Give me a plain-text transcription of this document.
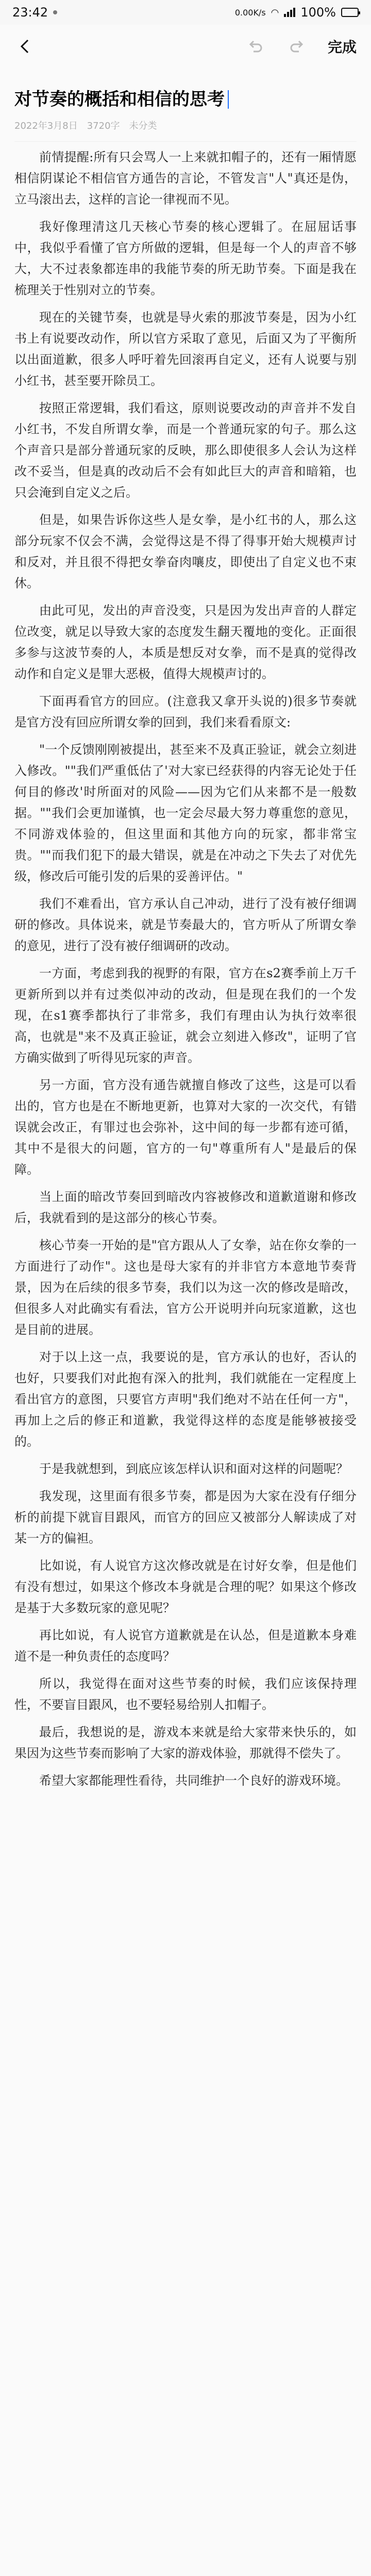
23:42	0.00K/s ◠ 100%
完成
对节奏的概括和相信的思考
2022年3月8日 3720字 未分类

前情提醒:所有只会骂人一上来就扣帽子的，还有一厢情愿相信阴谋论不相信官方通告的言论，不管发言"人"真还是伪，立马滚出去，这样的言论一律视而不见。

我好像理清这几天核心节奏的核心逻辑了。在屈屈话事中，我似乎看懂了官方所做的逻辑，但是每一个人的声音不够大，大不过表象都连串的我能节奏的所无助节奏。下面是我在梳理关于性别对立的节奏。

现在的关键节奏，也就是导火索的那波节奏是，因为小红书上有说要改动作，所以官方采取了意见，后面又为了平衡所以出面道歉，很多人呼吁着先回滚再自定义，还有人说要与别小红书，甚至要开除员工。

按照正常逻辑，我们看这，原则说要改动的声音并不发自小红书，不发自所谓女拳，而是一个普通玩家的句子。那么这个声音只是部分普通玩家的反映，那么即使很多人会认为这样改不妥当，但是真的改动后不会有如此巨大的声音和暗箱，也只会淹到自定义之后。

但是，如果告诉你这些人是女拳，是小红书的人，那么这部分玩家不仅会不满，会觉得这是不得了得事开始大规模声讨和反对，并且很不得把女拳奋肉嚷皮，即使出了自定义也不束休。

由此可见，发出的声音没变，只是因为发出声音的人群定位改变，就足以导致大家的态度发生翻天覆地的变化。正面很多参与这波节奏的人，本质是想反对女拳，而不是真的觉得改动作和自定义是罪大恶极，值得大规模声讨的。

下面再看官方的回应。(注意我又拿开头说的)很多节奏就是官方没有回应所谓女拳的回到，我们来看看原文:

"一个反馈刚刚被提出，甚至来不及真正验证，就会立刻进入修改。""我们严重低估了'对大家已经获得的内容无论处于任何目的修改'时所面对的风险——因为它们从来都不是一般数据。""我们会更加谨慎，也一定会尽最大努力尊重您的意见，不同游戏体验的，但这里面和其他方向的玩家，都非常宝贵。""而我们犯下的最大错误，就是在冲动之下失去了对优先级，修改后可能引发的后果的妥善评估。"

我们不难看出，官方承认自己冲动，进行了没有被仔细调研的修改。具体说来，就是节奏最大的，官方听从了所谓女拳的意见，进行了没有被仔细调研的改动。

一方面，考虑到我的视野的有限，官方在s2赛季前上万千更新所到以并有过类似冲动的改动，但是现在我们的一个发现，在s1赛季都执行了非常多，我们有理由认为执行效率很高，也就是"来不及真正验证，就会立刻进入修改"，证明了官方确实做到了听得见玩家的声音。

另一方面，官方没有通告就擅自修改了这些，这是可以看出的，官方也是在不断地更新，也算对大家的一次交代，有错误就会改正，有罪过也会弥补，这中间的每一步都有迹可循，其中不是很大的问题，官方的一句"尊重所有人"是最后的保障。

当上面的暗改节奏回到暗改内容被修改和道歉道谢和修改后，我就看到的是这部分的核心节奏。

核心节奏一开始的是"官方跟从人了女拳，站在你女拳的一方面进行了动作"。这也是母大家有的并非官方本意地节奏背景，因为在后续的很多节奏，我们以为这一次的修改是暗改，但很多人对此确实有看法，官方公开说明并向玩家道歉，这也是目前的进展。

对于以上这一点，我要说的是，官方承认的也好，否认的也好，只要我们对此抱有深入的批判，我们就能在一定程度上看出官方的意图，只要官方声明"我们绝对不站在任何一方"，再加上之后的修正和道歉，我觉得这样的态度是能够被接受的。

于是我就想到，到底应该怎样认识和面对这样的问题呢？

我发现，这里面有很多节奏，都是因为大家在没有仔细分析的前提下就盲目跟风，而官方的回应又被部分人解读成了对某一方的偏袒。

比如说，有人说官方这次修改就是在讨好女拳，但是他们有没有想过，如果这个修改本身就是合理的呢？如果这个修改是基于大多数玩家的意见呢？

再比如说，有人说官方道歉就是在认怂，但是道歉本身难道不是一种负责任的态度吗？

所以，我觉得在面对这些节奏的时候，我们应该保持理性，不要盲目跟风，也不要轻易给别人扣帽子。

最后，我想说的是，游戏本来就是给大家带来快乐的，如果因为这些节奏而影响了大家的游戏体验，那就得不偿失了。

希望大家都能理性看待，共同维护一个良好的游戏环境。
